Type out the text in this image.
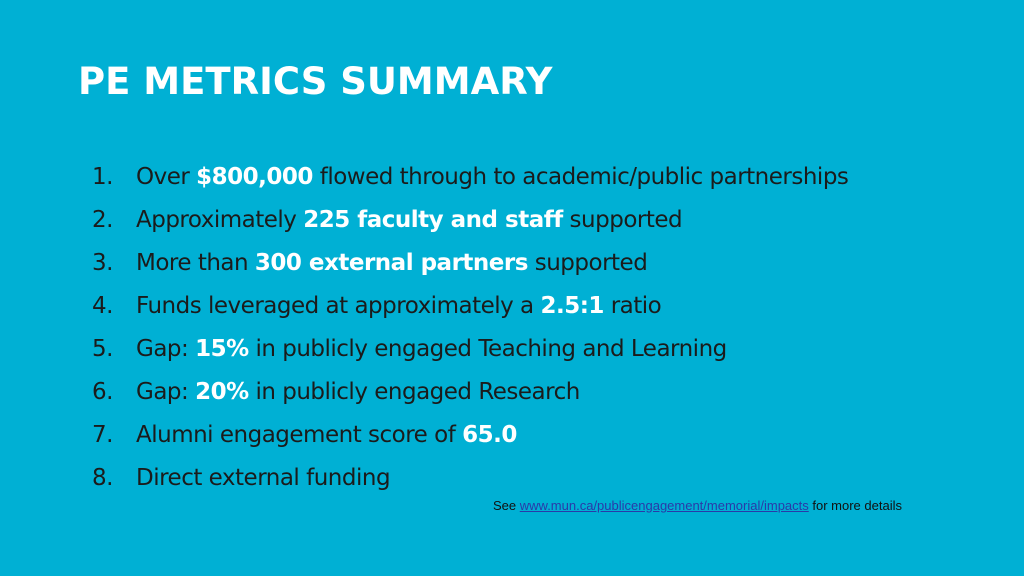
PE METRICS SUMMARY
1. Over $800,000 flowed through to academic/public partnerships
2. Approximately 225 faculty and staff supported
3. More than 300 external partners supported
4. Funds leveraged at approximately a 2.5:1 ratio
5. Gap: 15% in publicly engaged Teaching and Learning
6. Gap: 20% in publicly engaged Research
7. Alumni engagement score of 65.0
8. Direct external funding
See www.mun.ca/publicengagement/memorial/impacts for more details
